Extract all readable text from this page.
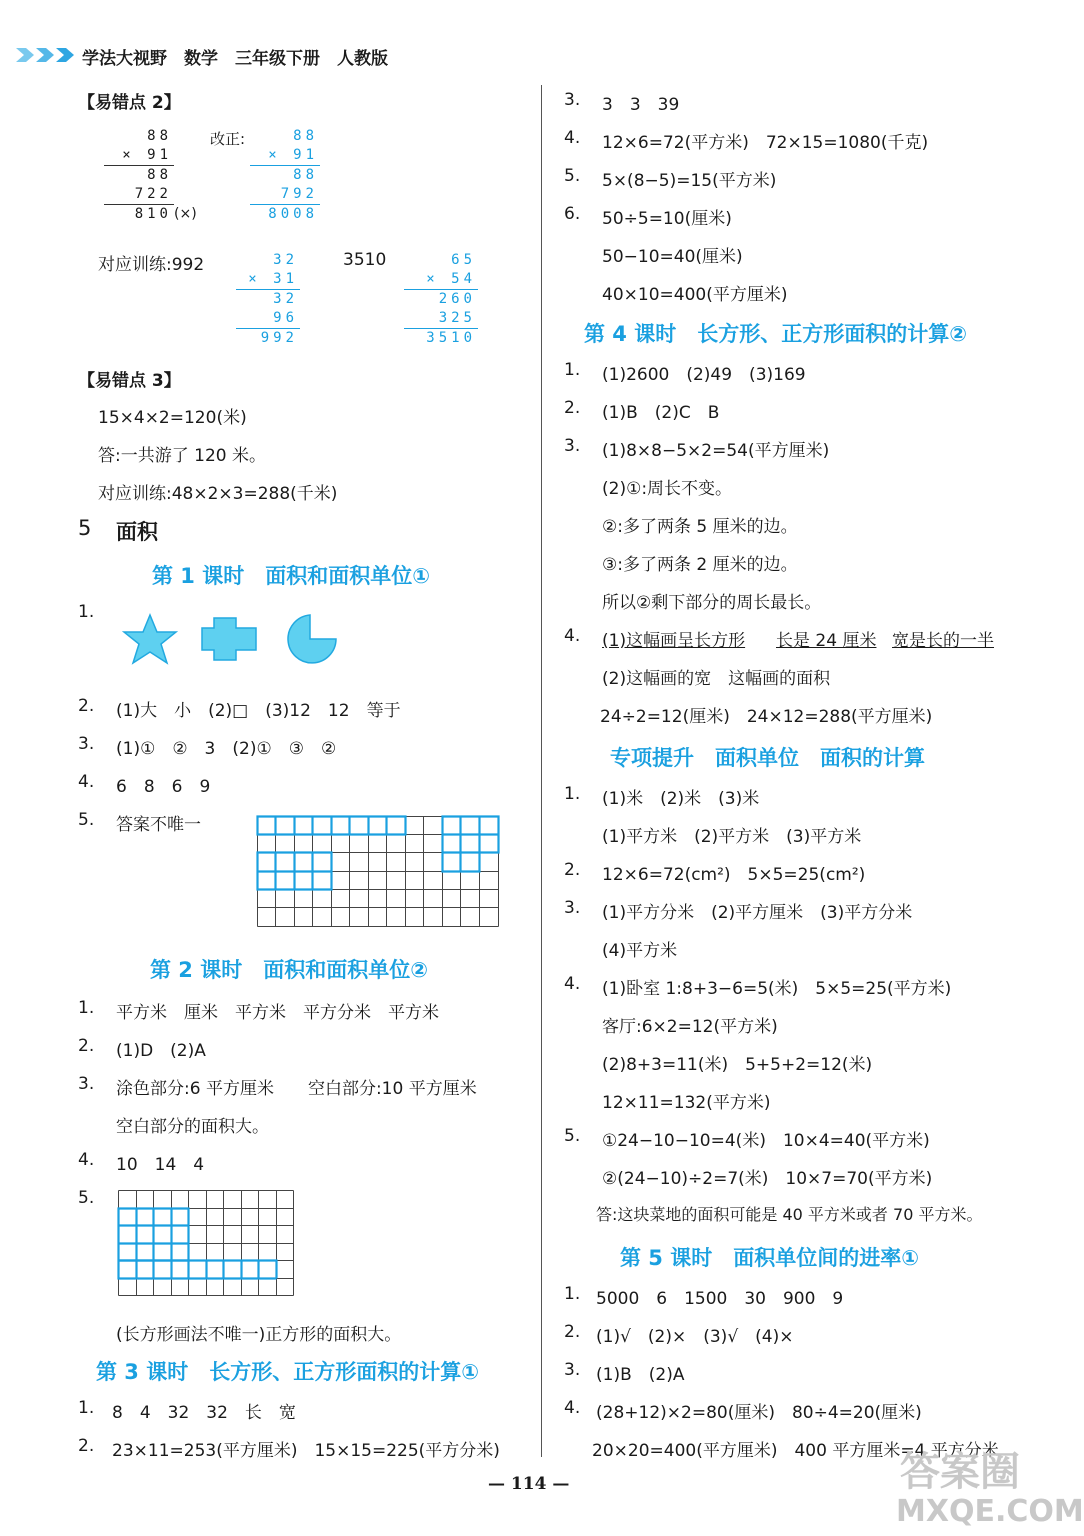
学法大视野　数学　三年级下册　人教版
【易错点 2】
88
× 91
88
722
810 (×)
改正:	88
× 91
88
792
8008
对应训练:992	32
× 31
32
96
992
3510	65
× 54
260
325
3510
【易错点 3】
15×4×2=120(米)
答:一共游了 120 米。
对应训练:48×2×3=288(千米)
5 面积
第 1 课时　面积和面积单位①
1.
2. (1)大　小　(2)□　(3)12　12　等于
3. (1)①　②　3　(2)①　③　②
4. 6　8　6　9
5. 答案不唯一
第 2 课时　面积和面积单位②
1. 平方米　厘米　平方米　平方分米　平方米
2. (1)D　(2)A
3. 涂色部分:6 平方厘米　　空白部分:10 平方厘米
空白部分的面积大。
4. 10　14　4
5.
(长方形画法不唯一)正方形的面积大。
第 3 课时　长方形、正方形面积的计算①
1. 8　4　32　32　长　宽
2. 23×11=253(平方厘米)　15×15=225(平方分米)
3. 3　3　39
4. 12×6=72(平方米)　72×15=1080(千克)
5. 5×(8−5)=15(平方米)
6. 50÷5=10(厘米)
50−10=40(厘米)
40×10=400(平方厘米)
第 4 课时　长方形、正方形面积的计算②
1. (1)2600　(2)49　(3)169
2. (1)B　(2)C　B
3. (1)8×8−5×2=54(平方厘米)
(2)①:周长不变。
②:多了两条 5 厘米的边。
③:多了两条 2 厘米的边。
所以②剩下部分的周长最长。
4. (1)这幅画呈长方形 长是 24 厘米 宽是长的一半
(2)这幅画的宽　这幅画的面积
24÷2=12(厘米)　24×12=288(平方厘米)
专项提升　面积单位　面积的计算
1. (1)米　(2)米　(3)米
(1)平方米　(2)平方米　(3)平方米
2. 12×6=72(cm²)　5×5=25(cm²)
3. (1)平方分米　(2)平方厘米　(3)平方分米
(4)平方米
4. (1)卧室 1:8+3−6=5(米)　5×5=25(平方米)
客厅:6×2=12(平方米)
(2)8+3=11(米)　5+5+2=12(米)
12×11=132(平方米)
5. ①24−10−10=4(米)　10×4=40(平方米)
②(24−10)÷2=7(米)　10×7=70(平方米)
答:这块菜地的面积可能是 40 平方米或者 70 平方米。
第 5 课时　面积单位间的进率①
1. 5000　6　1500　30　900　9
2. (1)√　(2)×　(3)√　(4)×
3. (1)B　(2)A
4. (28+12)×2=80(厘米)　80÷4=20(厘米)
20×20=400(平方厘米)　400 平方厘米=4 平方分米
— 114 —	答案圈
MXQE.COM
